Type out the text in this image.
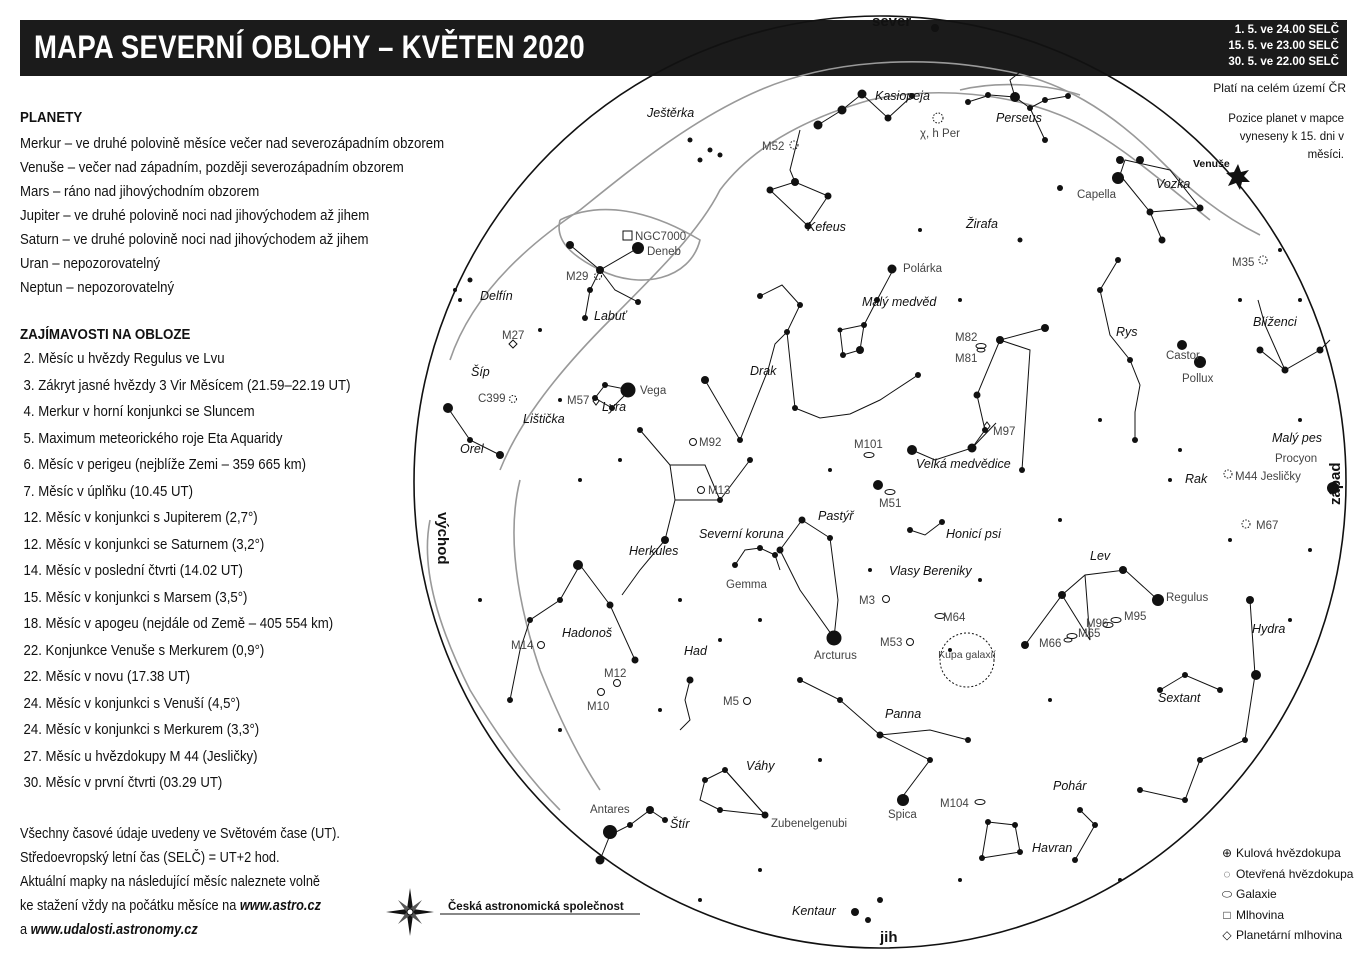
MAPA SEVERNÍ OBLOHY – KVĚTEN 2020	1. 5. ve 24.00 SELČ
15. 5. ve 23.00 SELČ
30. 5. ve 22.00 SELČ
Platí na celém území ČR
Pozice planet v mapce vyneseny k 15. dni v měsíci.
PLANETY
Merkur – ve druhé polovině měsíce večer nad severozápadním obzorem
Venuše – večer nad západním, později severozápadním obzorem
Mars – ráno nad jihovýchodním obzorem
Jupiter – ve druhé polovině noci nad jihovýchodem až jihem
Saturn – ve druhé polovině noci nad jihovýchodem až jihem
Uran – nepozorovatelný
Neptun – nepozorovatelný
ZAJÍMAVOSTI NA OBLOZE
2. Měsíc u hvězdy Regulus ve Lvu
3. Zákryt jasné hvězdy 3 Vir Měsícem (21.59–22.19 UT)
4. Merkur v horní konjunkci se Sluncem
5. Maximum meteorického roje Eta Aquaridy
6. Měsíc v perigeu (nejblíže Zemi – 359 665 km)
7. Měsíc v úplňku (10.45 UT)
12. Měsíc v konjunkci s Jupiterem (2,7°)
12. Měsíc v konjunkci se Saturnem (3,2°)
14. Měsíc v poslední čtvrti (14.02 UT)
15. Měsíc v konjunkci s Marsem (3,5°)
18. Měsíc v apogeu (nejdále od Země – 405 554 km)
22. Konjunkce Venuše s Merkurem (0,9°)
22. Měsíc v novu (17.38 UT)
24. Měsíc v konjunkci s Venuší (4,5°)
24. Měsíc v konjunkci s Merkurem (3,3°)
27. Měsíc u hvězdokupy M 44 (Jesličky)
30. Měsíc v první čtvrti (03.29 UT)
Všechny časové údaje uvedeny ve Světovém čase (UT).
Středoevropský letní čas (SELČ) = UT+2 hod.
Aktuální mapky na následující měsíc naleznete volně
ke stažení vždy na počátku měsíce na www.astro.cz
a www.udalosti.astronomy.cz
sever
jih
východ
západ
Kasiopeja
Perseus
Ještěrka
Kefeus	Žirafa
Vozka
Delfín
Labuť
Polárka
Malý medvěd
Drak
Rys
Blíženci
Šíp
Lištička
Lyra
Velká medvědice
Malý pes
Orel
Rak
Herkules
Severní koruna
Pastýř
Honicí psi
Vlasy Bereniky
Lev
Hadonoš
Had
Sextant
Hydra
Panna
Váhy
Pohár
Štír
Havran
Kentaur
Capella
Venuše
Deneb
Vega
Castor
Pollux
Procyon
Regulus
Gemma
Arcturus
Spica
Antares
Zubenelgenubi
M52
χ, h Per
NGC7000
M35
M29
M27	M82
M81
C399	M57
M97
M101
M92
M13
M51
M44 Jesličky
M67
M3
M64	M95
M96
M65
M66
M53
M14
M12
M10	M5
M104
Kupa galaxií
Česká astronomická společnost
⊕ Kulová hvězdokupa
◌ Otevřená hvězdokupa
⬭ Galaxie
□ Mlhovina
◇ Planetární mlhovina
